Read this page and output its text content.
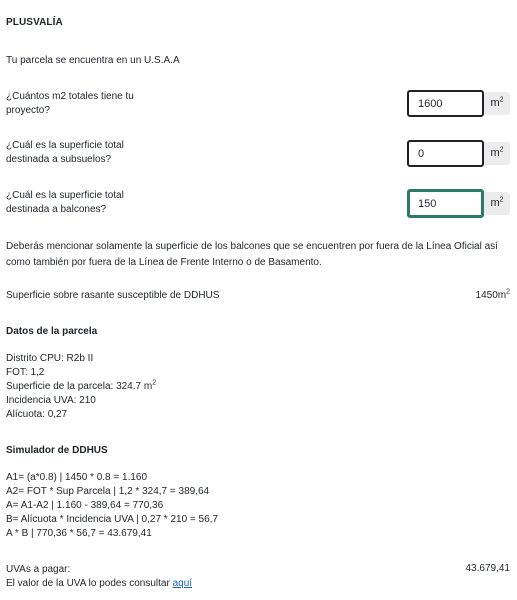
PLUSVALÍA
Tu parcela se encuentra en un U.S.A.A
¿Cuántos m2 totales tiene tu proyecto?
1600
$m^2$
¿Cuál es la superficie total destinada a subsuelos?
0
$m^2$
¿Cuál es la superficie total destinada a balcones?
150
$m^2$
Deberás mencionar solamente la superficie de los balcones que se encuentren por fuera de la Línea Oficial así como también por fuera de la Línea de Frente Interno o de Basamento.
Superficie sobre rasante susceptible de DDHUS	$1450m^2$
Datos de la parcela
Distrito CPU: R2b II
FOT: 1,2
Superficie de la parcela: 324.7 $m^2$
Incidencia UVA: 210
Alícuota: 0,27
Simulador de DDHUS
A1= (a*0.8) | 1450 * 0.8 = 1.160
A2= FOT * Sup Parcela | 1,2 * 324,7 = 389,64
A= A1-A2 | 1.160 - 389,64 = 770,36
B= Alícuota * Incidencia UVA | 0,27 * 210 = 56,7
A * B | 770,36 * 56,7 = 43.679,41
UVAs a pagar:
El valor de la UVA lo podes consultar aquí
43.679,41
